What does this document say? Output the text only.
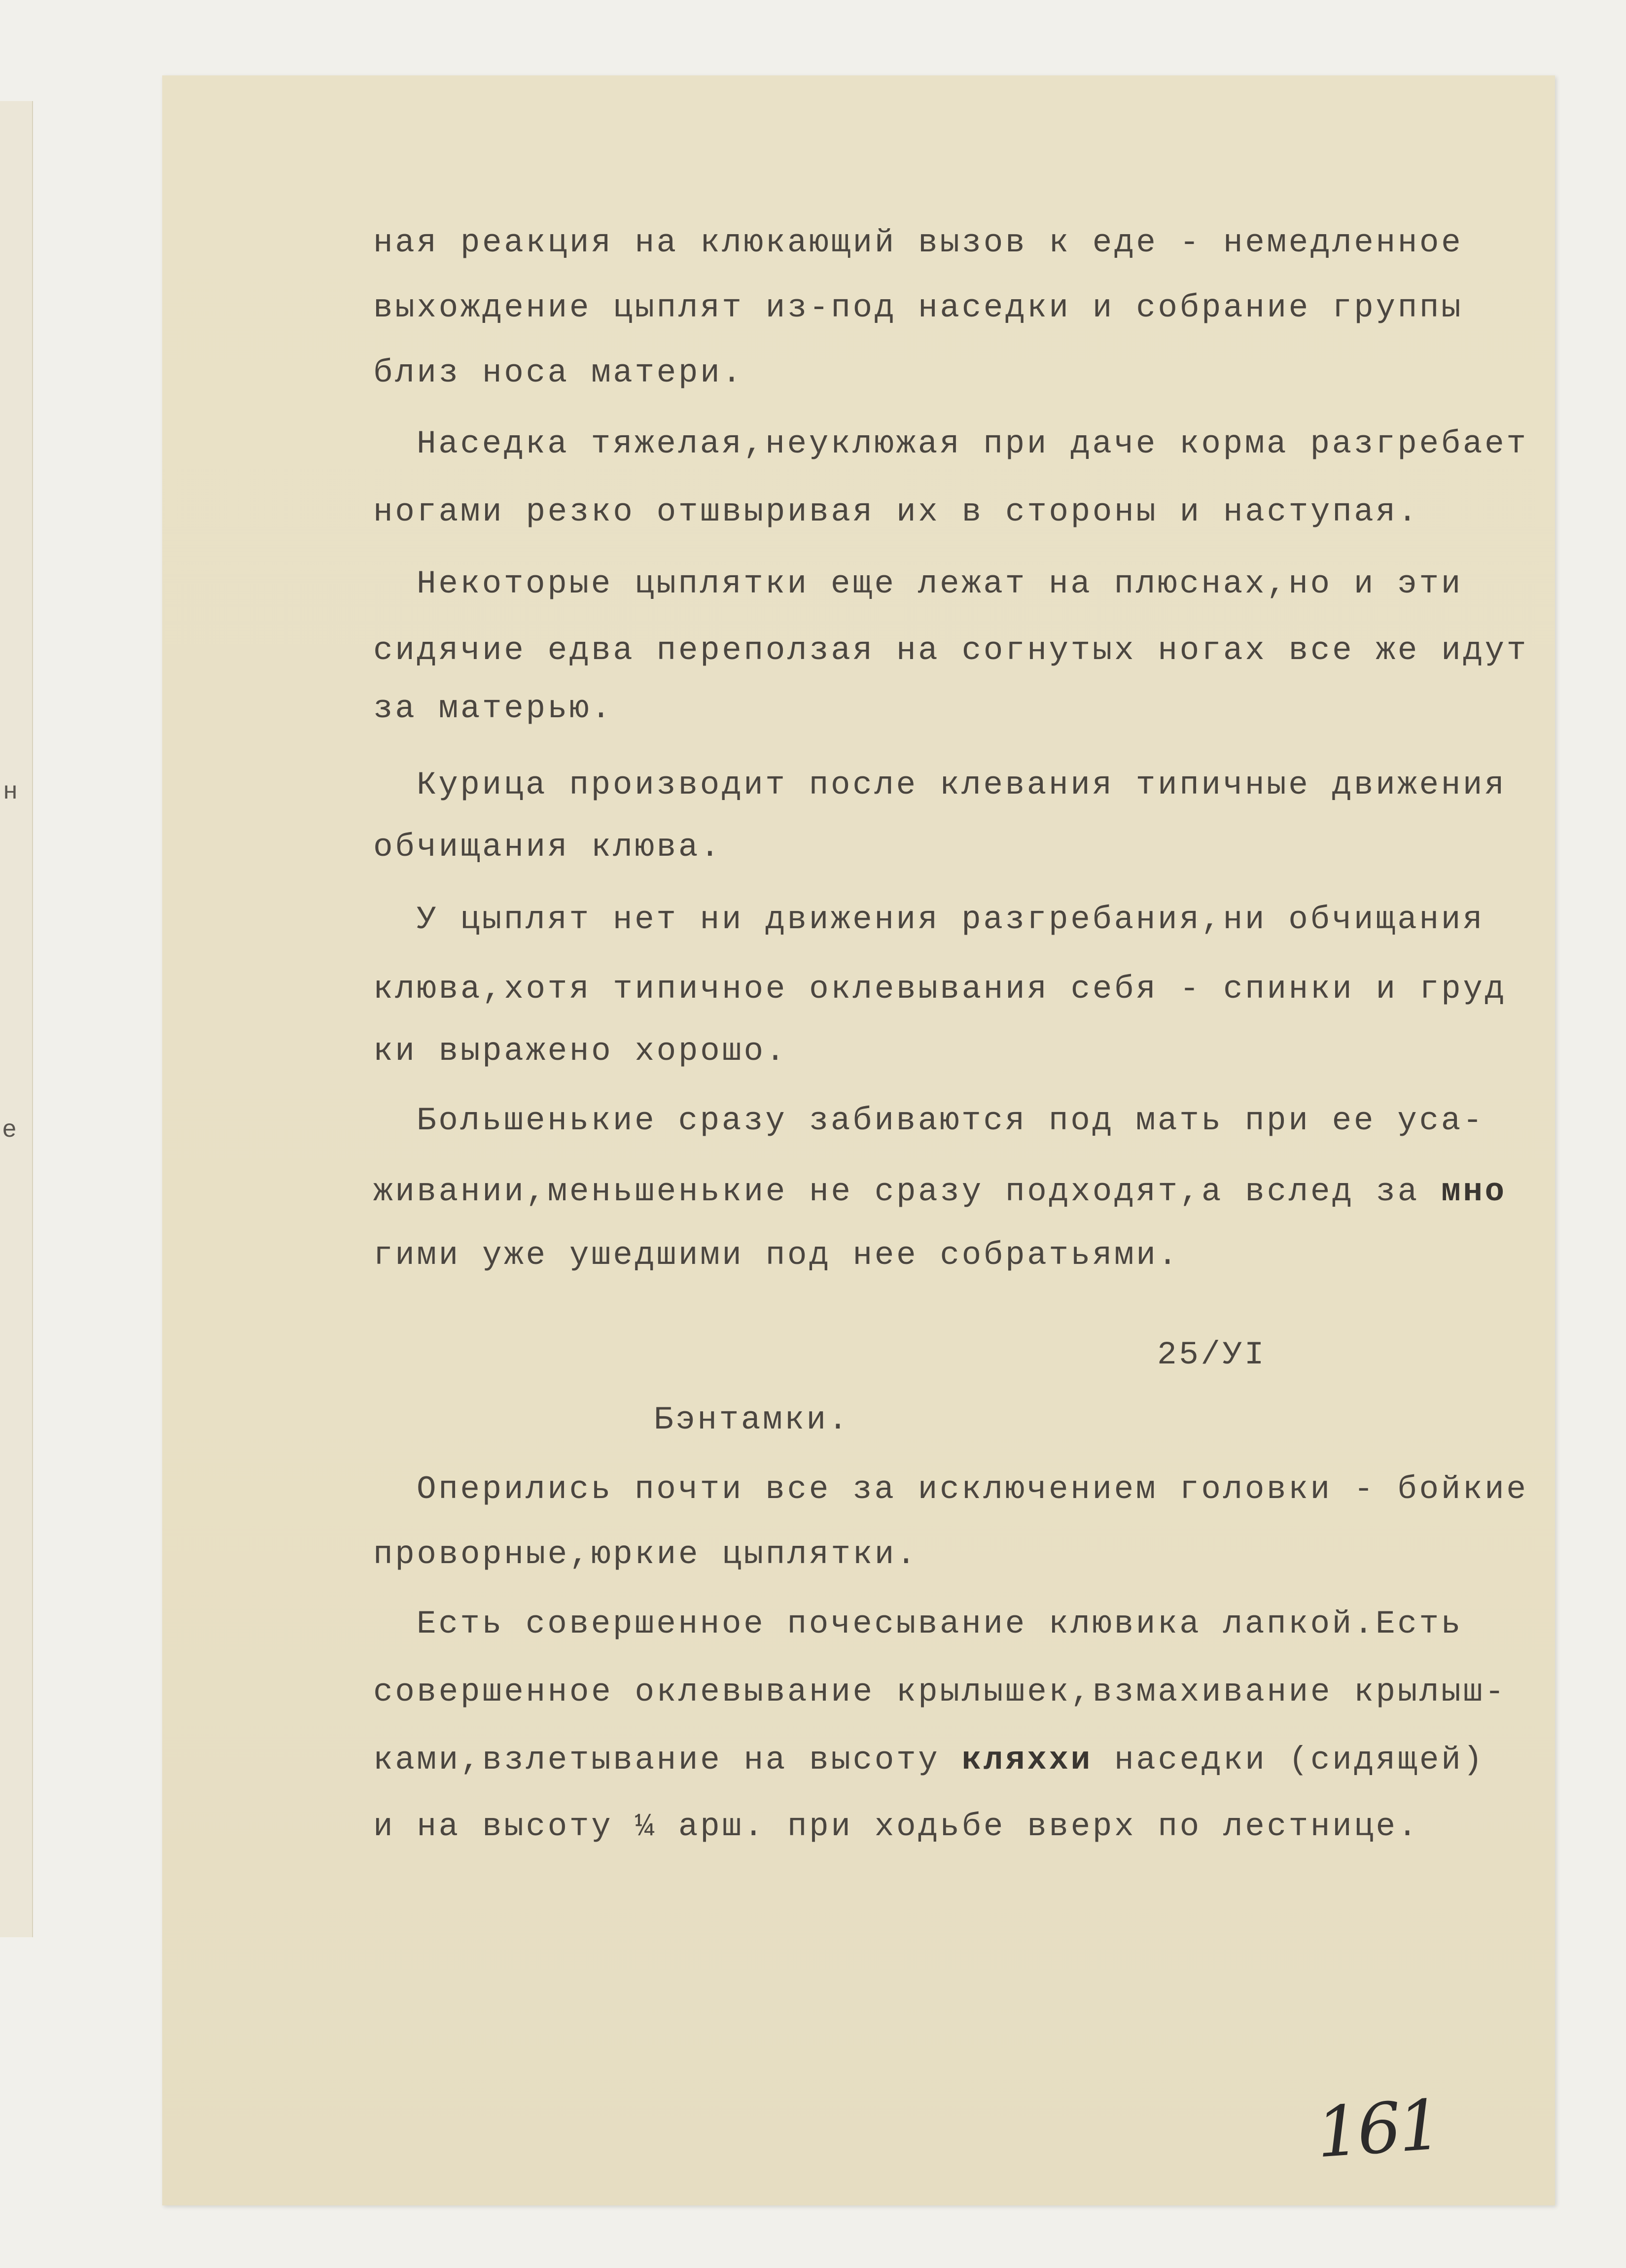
н
е
ная реакция на клюкающий вызов к еде - немедленное
выхождение цыплят из-под наседки и собрание группы
близ носа матери.
Наседка тяжелая,неуклюжая при даче корма разгребает
ногами резко отшвыривая их в стороны и наступая.
Некоторые цыплятки еще лежат на плюснах,но и эти
сидячие едва переползая на согнутых ногах все же идут
за матерью.
Курица производит после клевания типичные движения
обчищания клюва.
У цыплят нет ни движения разгребания,ни обчищания
клюва,хотя типичное оклевывания себя - спинки и груд
ки выражено хорошо.
Большенькие сразу забиваются под мать при ее уса-
живании,меньшенькие не сразу подходят,а вслед за мно
гими уже ушедшими под нее собратьями.
25/УI
Бэнтамки.
Оперились почти все за исключением головки - бойкие
проворные,юркие цыплятки.
Есть совершенное почесывание клювика лапкой.Есть
совершенное оклевывание крылышек,взмахивание крылыш-
ками,взлетывание на высоту кляххи наседки (сидящей)
и на высоту ¼ арш. при ходьбе вверх по лестнице.
161
